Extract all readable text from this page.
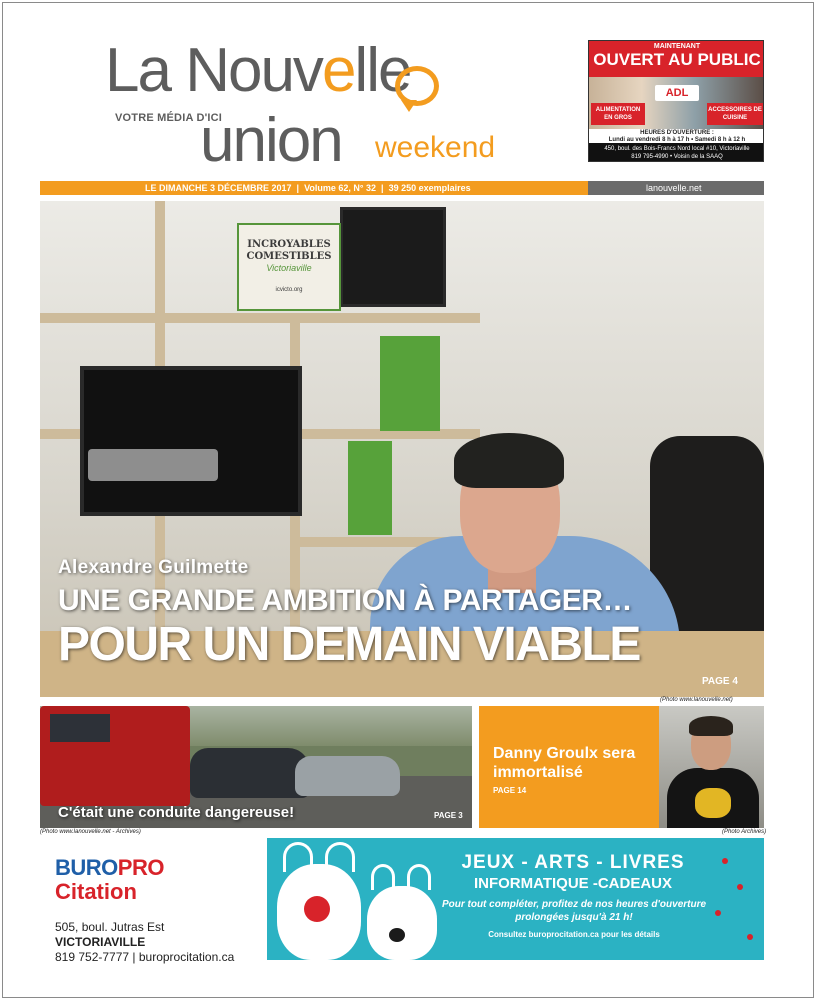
La Nouvelle
VOTRE MÉDIA D'ICI
union weekend
MAINTENANT
OUVERT AU PUBLIC
ADL
ALIMENTATION EN GROS
ACCESSOIRES DE CUISINE
HEURES D'OUVERTURE :
Lundi au vendredi 8 h à 17 h • Samedi 8 h à 12 h
450, boul. des Bois-Francs Nord local #10, Victoriaville
819 795-4990 • Voisin de la SAAQ
LE DIMANCHE 3 DÉCEMBRE 2017 | Volume 62, N° 32 | 39 250 exemplaires	lanouvelle.net
INCROYABLES COMESTIBLES
Victoriaville
icvicto.org
Alexandre Guilmette
UNE GRANDE AMBITION À PARTAGER…
POUR UN DEMAIN VIABLE
PAGE 4
(Photo www.lanouvelle.net)
C'était une conduite dangereuse!	PAGE 3
(Photo www.lanouvelle.net - Archives)
Danny Groulx sera immortalisé
PAGE 14
(Photo Archives)
BUROPRO
Citation
505, boul. Jutras Est VICTORIAVILLE
819 752-7777 | buroprocitation.ca
JEUX - ARTS - LIVRES
INFORMATIQUE -CADEAUX
Pour tout compléter, profitez de nos heures d'ouverture prolongées jusqu'à 21 h!
Consultez buroprocitation.ca pour les détails
